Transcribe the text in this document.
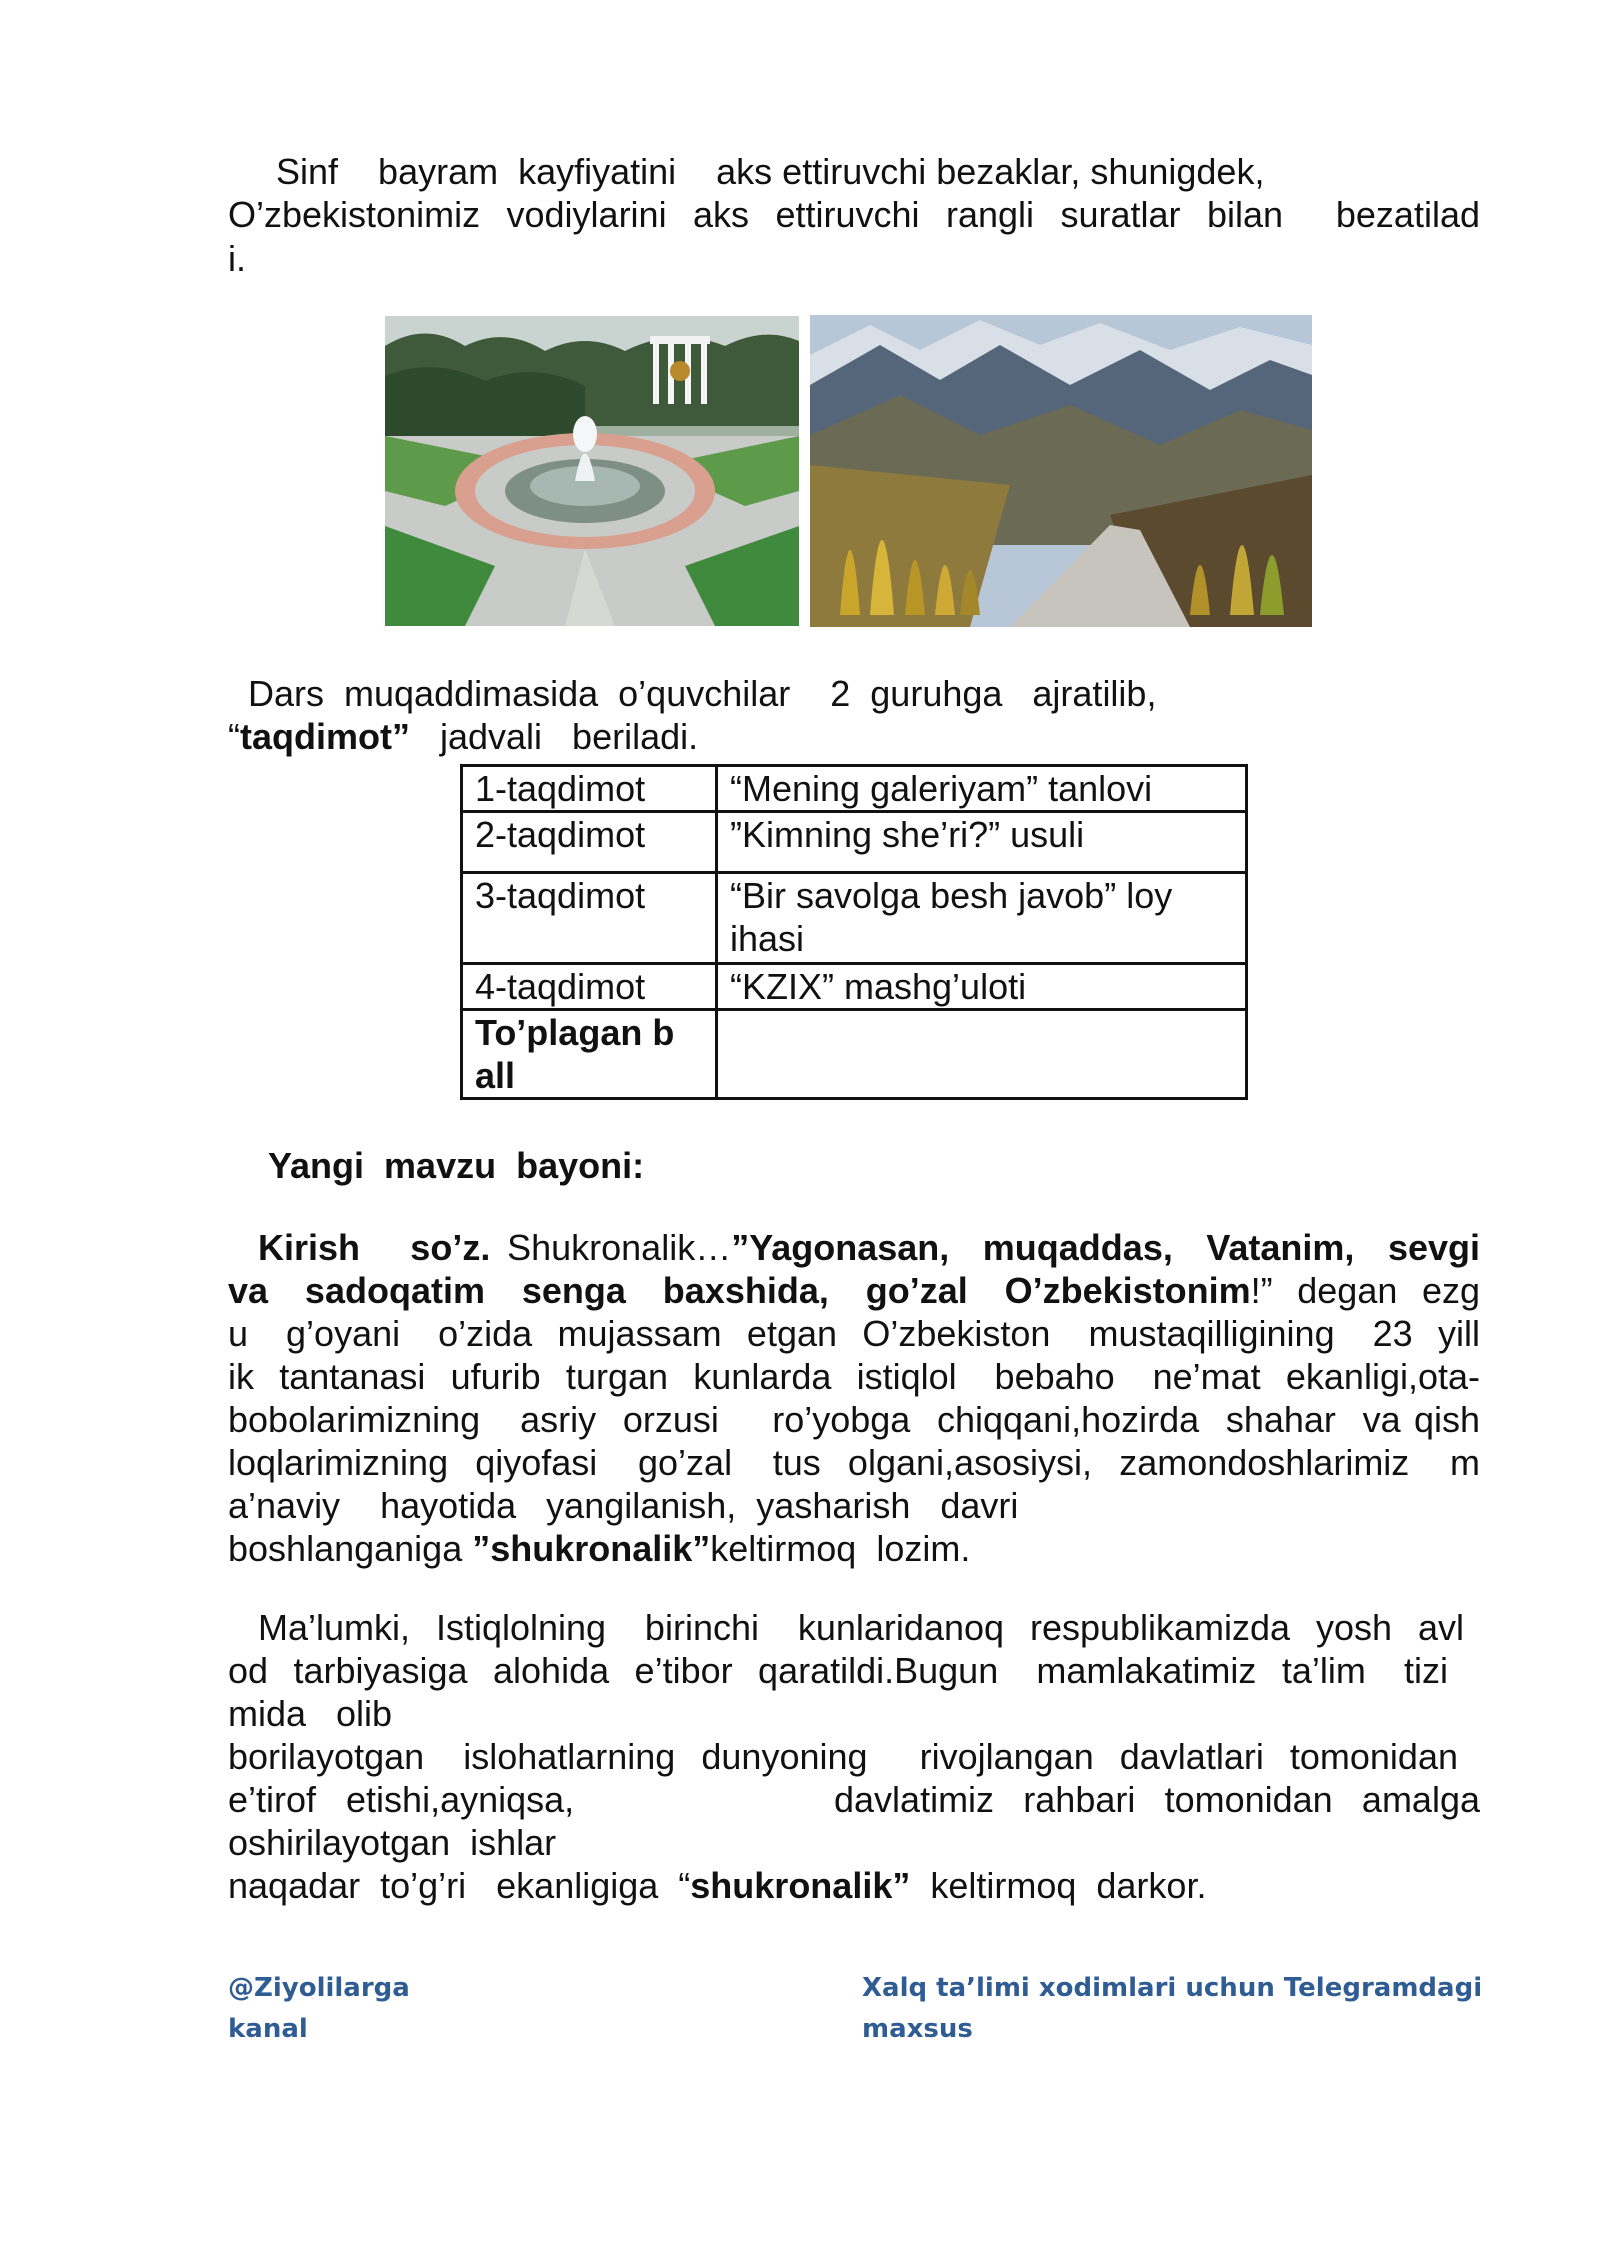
Sinf    bayram  kayfiyatini    aks ettiruvchi bezaklar, shunigdek,
O’zbekistonimiz  vodiylarini  aks  ettiruvchi  rangli  suratlar  bilan    bezatilad
i.
Dars  muqaddimasida  o’quvchilar    2  guruhga   ajratilib,
“taqdimot”   jadvali   beriladi.
1-taqdimot	“Mening galeriyam” tanlovi
2-taqdimot	”Kimning she’ri?” usuli
3-taqdimot	“Bir savolga besh javob” loy ihasi
4-taqdimot	“KZIX” mashg’uloti
To’plagan b all	
Yangi  mavzu  bayoni:
Kirish   so’z. Shukronalik…”Yagonasan,  muqaddas,  Vatanim,  sevgi
va   sadoqatim   senga   baxshida,   go’zal   O’zbekistonim!”  degan  ezg
u   g’oyani   o’zida  mujassam  etgan  O’zbekiston   mustaqilligining   23  yill
ik  tantanasi  ufurib  turgan  kunlarda  istiqlol   bebaho   ne’mat  ekanligi,ota-
bobolarimizning   asriy  orzusi    ro’yobga  chiqqani,hozirda  shahar  va qish
loqlarimizning  qiyofasi   go’zal   tus  olgani,asosiysi,  zamondoshlarimiz   m
a’naviy    hayotida   yangilanish,  yasharish   davri
boshlanganiga ”shukronalik”keltirmoq  lozim.
Ma’lumki,  Istiqlolning   birinchi   kunlaridanoq  respublikamizda  yosh  avl
od  tarbiyasiga  alohida  e’tibor  qaratildi.Bugun   mamlakatimiz  ta’lim   tizi
mida   olib
borilayotgan   islohatlarning  dunyoning    rivojlangan  davlatlari  tomonidan
e’tirof   etishi,ayniqsa,	davlatimiz  rahbari  tomonidan  amalga
oshirilayotgan  ishlar
naqadar  to’g’ri   ekanligiga  “shukronalik”  keltirmoq  darkor.
@Ziyolilarga
kanal
Xalq ta’limi xodimlari uchun Telegramdagi maxsus
